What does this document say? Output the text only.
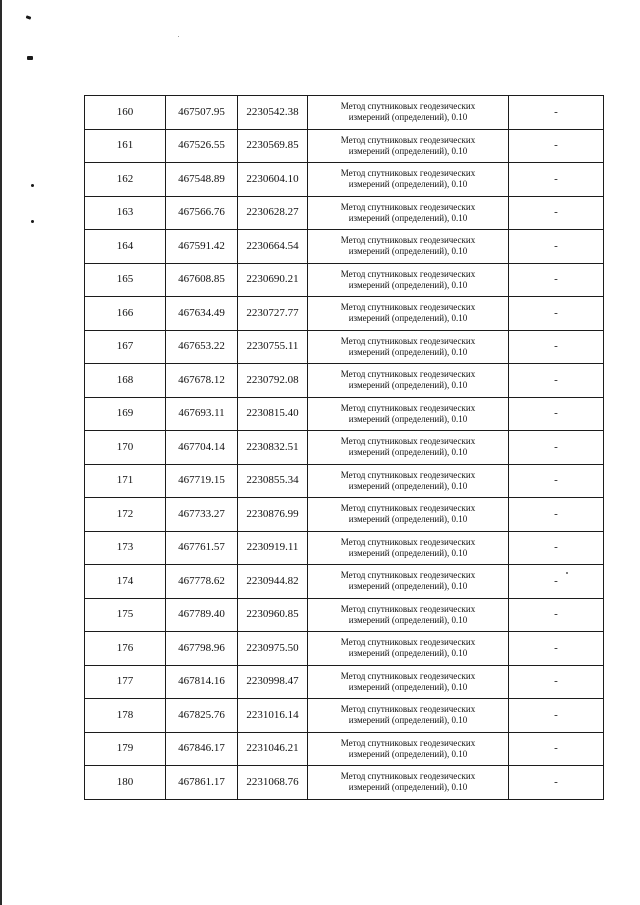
160	467507.95	2230542.38	Метод спутниковых геодезических
измерений (определений), 0.10	-
161	467526.55	2230569.85	Метод спутниковых геодезических
измерений (определений), 0.10	-
162	467548.89	2230604.10	Метод спутниковых геодезических
измерений (определений), 0.10	-
163	467566.76	2230628.27	Метод спутниковых геодезических
измерений (определений), 0.10	-
164	467591.42	2230664.54	Метод спутниковых геодезических
измерений (определений), 0.10	-
165	467608.85	2230690.21	Метод спутниковых геодезических
измерений (определений), 0.10	-
166	467634.49	2230727.77	Метод спутниковых геодезических
измерений (определений), 0.10	-
167	467653.22	2230755.11	Метод спутниковых геодезических
измерений (определений), 0.10	-
168	467678.12	2230792.08	Метод спутниковых геодезических
измерений (определений), 0.10	-
169	467693.11	2230815.40	Метод спутниковых геодезических
измерений (определений), 0.10	-
170	467704.14	2230832.51	Метод спутниковых геодезических
измерений (определений), 0.10	-
171	467719.15	2230855.34	Метод спутниковых геодезических
измерений (определений), 0.10	-
172	467733.27	2230876.99	Метод спутниковых геодезических
измерений (определений), 0.10	-
173	467761.57	2230919.11	Метод спутниковых геодезических
измерений (определений), 0.10	-
174	467778.62	2230944.82	Метод спутниковых геодезических
измерений (определений), 0.10	-
175	467789.40	2230960.85	Метод спутниковых геодезических
измерений (определений), 0.10	-
176	467798.96	2230975.50	Метод спутниковых геодезических
измерений (определений), 0.10	-
177	467814.16	2230998.47	Метод спутниковых геодезических
измерений (определений), 0.10	-
178	467825.76	2231016.14	Метод спутниковых геодезических
измерений (определений), 0.10	-
179	467846.17	2231046.21	Метод спутниковых геодезических
измерений (определений), 0.10	-
180	467861.17	2231068.76	Метод спутниковых геодезических
измерений (определений), 0.10	-
